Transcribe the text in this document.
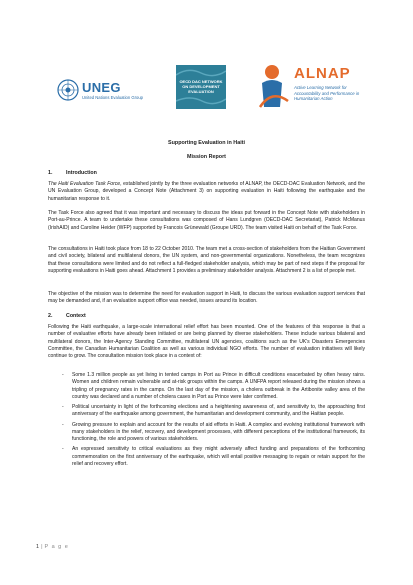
UNEG
United Nations Evaluation Group
OECD DAC NETWORK ON DEVELOPMENT EVALUATION
ALNAP
Active Learning Network for Accountability and Performance in Humanitarian Action
Supporting Evaluation in Haiti
Mission Report
1.	Introduction
The Haiti Evaluation Task Force, established jointly by the three evaluation networks of ALNAP, the OECD-DAC Evaluation Network, and the UN Evaluation Group, developed a Concept Note (Attachment 3) on supporting evaluation in Haiti following the earthquake and the humanitarian response to it.
The Task Force also agreed that it was important and necessary to discuss the ideas put forward in the Concept Note with stakeholders in Port-au-Prince. A team to undertake these consultations was composed of Hans Lundgren (OECD-DAC Secretariat), Patrick McManus (IrishAID) and Caroline Heider (WFP) supported by Francois Grünewald (Groupe URD). The team visited Haiti on behalf of the Task Force.
The consultations in Haiti took place from 18 to 22 October 2010. The team met a cross-section of stakeholders from the Haitian Government and civil society, bilateral and multilateral donors, the UN system, and non-governmental organizations. Nonetheless, the team recognizes that these consultations were limited and do not reflect a full-fledged stakeholder analysis, which may be part of next steps if the proposal for supporting evaluations in Haiti goes ahead. Attachment 1 provides a preliminary stakeholder analysis. Attachment 2 is a list of people met.
The objective of the mission was to determine the need for evaluation support in Haiti, to discuss the various evaluation support services that may be demanded and, if an evaluation support office was needed, issues around its location.
2.	Context
Following the Haiti earthquake, a large-scale international relief effort has been mounted. One of the features of this response is that a number of evaluative efforts have already been initiated or are being planned by diverse stakeholders. These include various bilateral and multilateral donors, the Inter-Agency Standing Committee, multilateral UN agencies, coalitions such as the UK's Disasters Emergencies Committee, the Canadian Humanitarian Coalition as well as various individual NGO efforts. The number of evaluation initiatives will likely continue to grow. The consultation mission took place in a context of:
- Some 1.3 million people as yet living in tented camps in Port au Prince in difficult conditions exacerbated by often heavy rains. Women and children remain vulnerable and at-risk groups within the camps. A UNFPA report released during the mission shows a tripling of pregnancy rates in the camps. On the last day of the mission, a cholera outbreak in the Artibonite valley area of the country was declared and a number of cholera cases in Port au Prince were later confirmed.
- Political uncertainty in light of the forthcoming elections and a heightening awareness of, and sensitivity to, the approaching first anniversary of the earthquake among government, the humanitarian and development community, and the Haitian people.
- Growing pressure to explain and account for the results of aid efforts in Haiti. A complex and evolving institutional framework with many stakeholders in the relief, recovery, and development processes, with different perceptions of the institutional framework, its functioning, the role and powers of various stakeholders.
- An expressed sensitivity to critical evaluations as they might adversely affect funding and preparations of the forthcoming commemoration on the first anniversary of the earthquake, which will entail positive messaging to regain or retain support for the relief and recovery effort.
1 | P a g e
